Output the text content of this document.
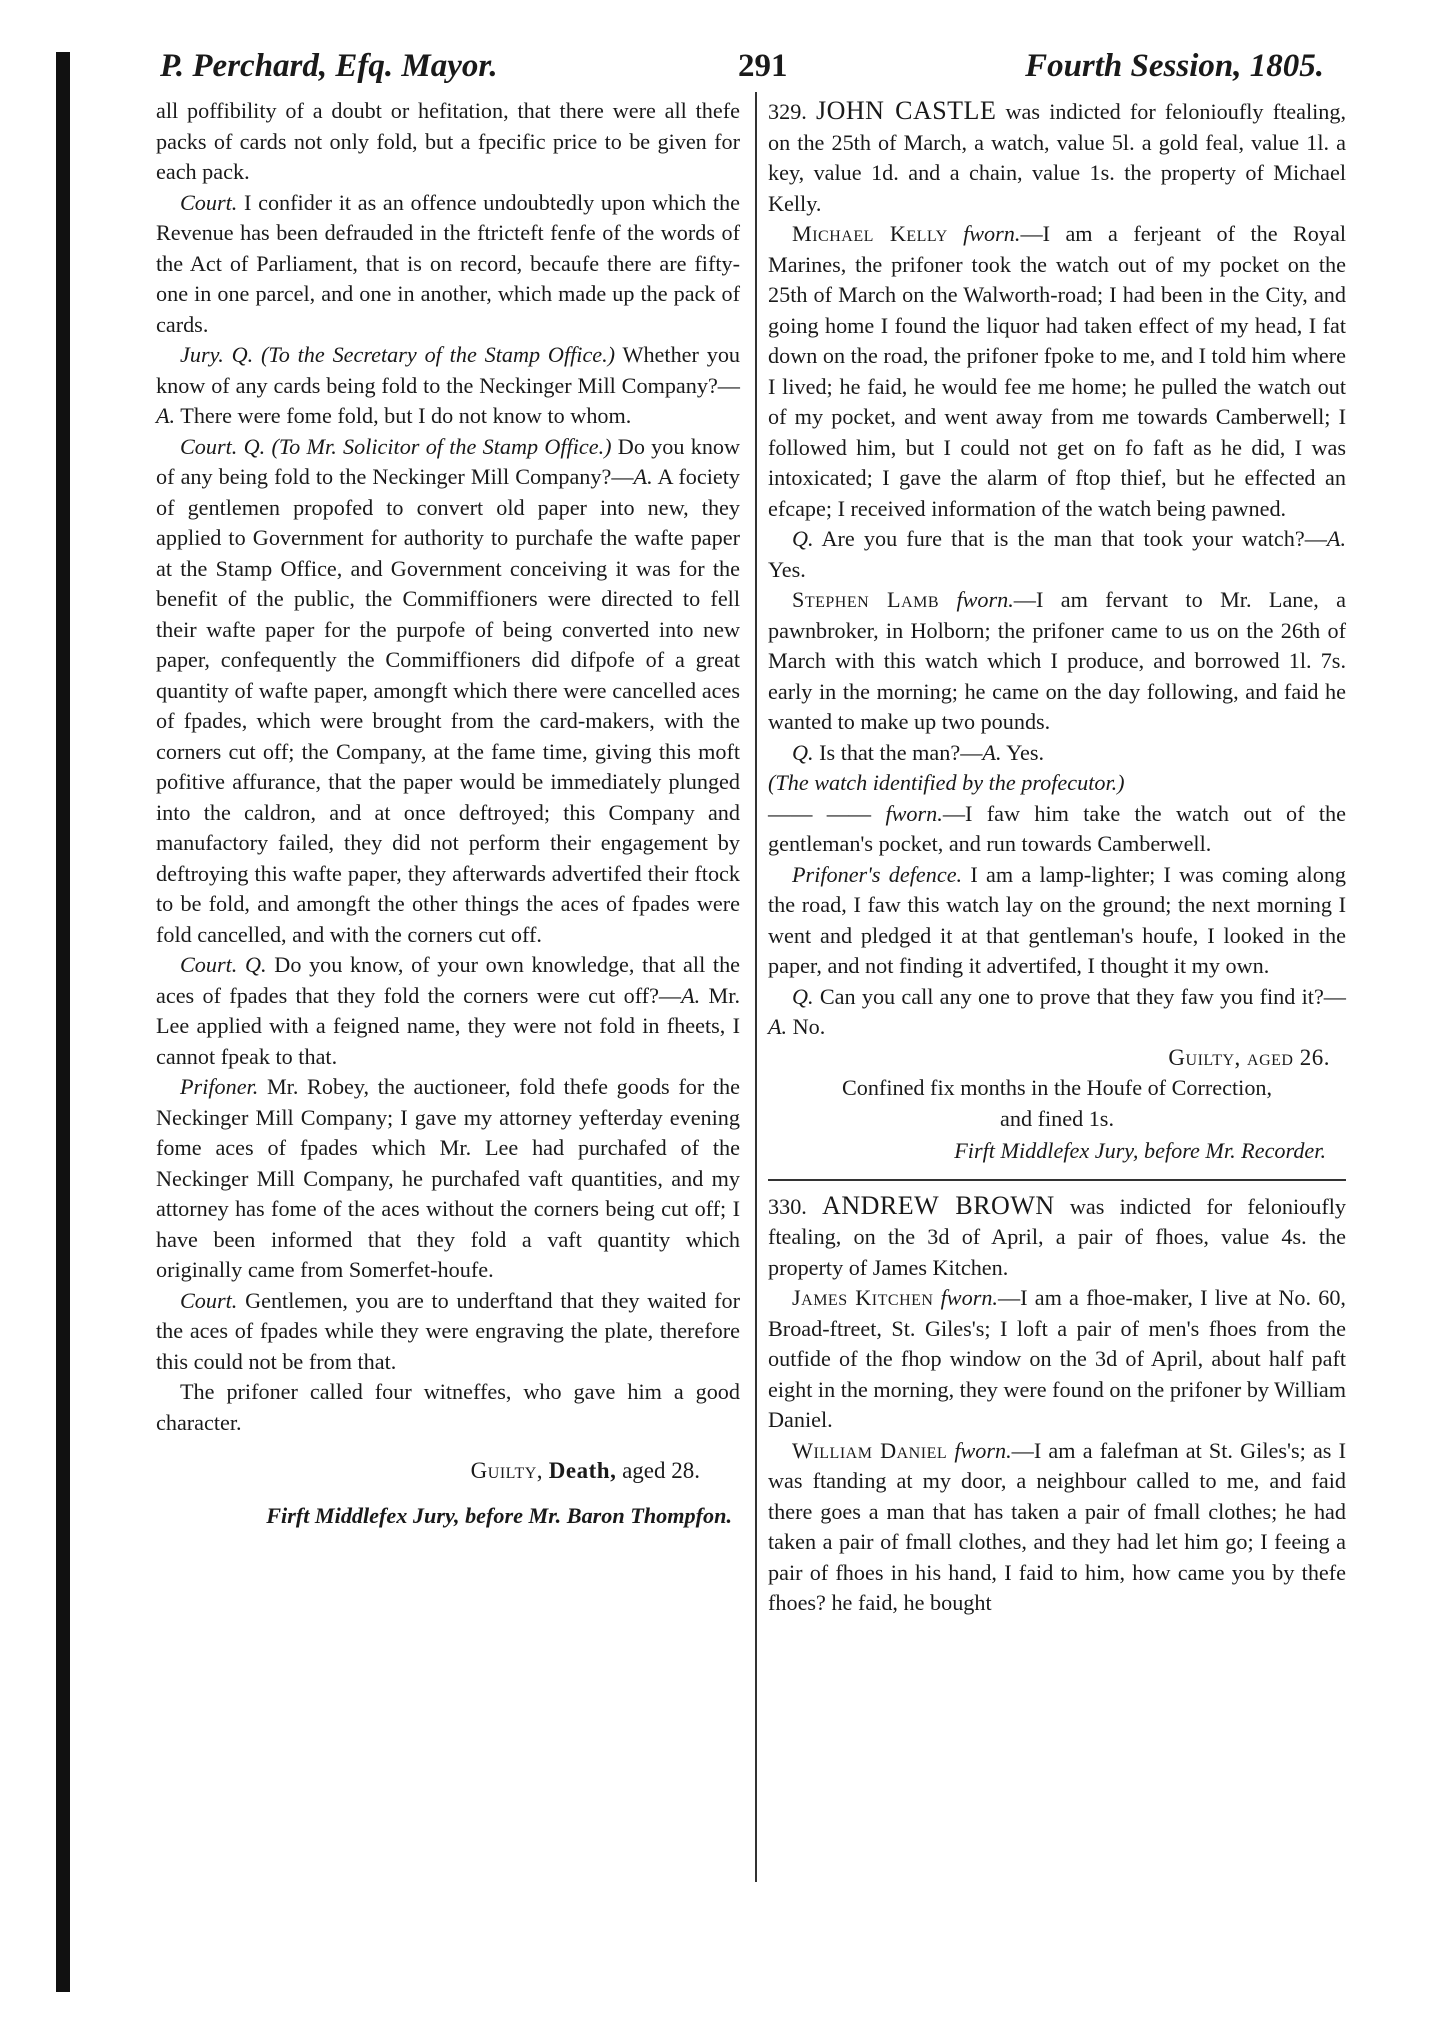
P. Perchard, Efq. Mayor.	291	Fourth Session, 1805.

all poffibility of a doubt or hefitation, that there were all thefe packs of cards not only fold, but a fpecific price to be given for each pack.

Court. I confider it as an offence undoubtedly upon which the Revenue has been defrauded in the ftricteft fenfe of the words of the Act of Parliament, that is on record, becaufe there are fifty-one in one parcel, and one in another, which made up the pack of cards.

Jury. Q. (To the Secretary of the Stamp Office.) Whether you know of any cards being fold to the Neckinger Mill Company?—A. There were fome fold, but I do not know to whom.

Court. Q. (To Mr. Solicitor of the Stamp Office.) Do you know of any being fold to the Neckinger Mill Company?—A. A fociety of gentlemen propofed to convert old paper into new, they applied to Government for authority to purchafe the wafte paper at the Stamp Office, and Government conceiving it was for the benefit of the public, the Commiffioners were directed to fell their wafte paper for the purpofe of being converted into new paper, confequently the Commiffioners did difpofe of a great quantity of wafte paper, amongft which there were cancelled aces of fpades, which were brought from the card-makers, with the corners cut off; the Company, at the fame time, giving this moft pofitive affurance, that the paper would be immediately plunged into the caldron, and at once deftroyed; this Company and manufactory failed, they did not perform their engagement by deftroying this wafte paper, they afterwards advertifed their ftock to be fold, and amongft the other things the aces of fpades were fold cancelled, and with the corners cut off.

Court. Q. Do you know, of your own knowledge, that all the aces of fpades that they fold the corners were cut off?—A. Mr. Lee applied with a feigned name, they were not fold in fheets, I cannot fpeak to that.

Prifoner. Mr. Robey, the auctioneer, fold thefe goods for the Neckinger Mill Company; I gave my attorney yefterday evening fome aces of fpades which Mr. Lee had purchafed of the Neckinger Mill Company, he purchafed vaft quantities, and my attorney has fome of the aces without the corners being cut off; I have been informed that they fold a vaft quantity which originally came from Somerfet-houfe.

Court. Gentlemen, you are to underftand that they waited for the aces of fpades while they were engraving the plate, therefore this could not be from that.

The prifoner called four witneffes, who gave him a good character.

Guilty, Death, aged 28.

Firft Middlefex Jury, before Mr. Baron Thompfon.

329. JOHN CASTLE was indicted for felonioufly ftealing, on the 25th of March, a watch, value 5l. a gold feal, value 1l. a key, value 1d. and a chain, value 1s. the property of Michael Kelly.

Michael Kelly fworn.—I am a ferjeant of the Royal Marines, the prifoner took the watch out of my pocket on the 25th of March on the Walworth-road; I had been in the City, and going home I found the liquor had taken effect of my head, I fat down on the road, the prifoner fpoke to me, and I told him where I lived; he faid, he would fee me home; he pulled the watch out of my pocket, and went away from me towards Camberwell; I followed him, but I could not get on fo faft as he did, I was intoxicated; I gave the alarm of ftop thief, but he effected an efcape; I received information of the watch being pawned.

Q. Are you fure that is the man that took your watch?—A. Yes.

Stephen Lamb fworn.—I am fervant to Mr. Lane, a pawnbroker, in Holborn; the prifoner came to us on the 26th of March with this watch which I produce, and borrowed 1l. 7s. early in the morning; he came on the day following, and faid he wanted to make up two pounds.

Q. Is that the man?—A. Yes.

(The watch identified by the profecutor.)

—— —— fworn.—I faw him take the watch out of the gentleman's pocket, and run towards Camberwell.

Prifoner's defence. I am a lamp-lighter; I was coming along the road, I faw this watch lay on the ground; the next morning I went and pledged it at that gentleman's houfe, I looked in the paper, and not finding it advertifed, I thought it my own.

Q. Can you call any one to prove that they faw you find it?—A. No.

Guilty, aged 26.

Confined fix months in the Houfe of Correction,

and fined 1s.

Firft Middlefex Jury, before Mr. Recorder.

330. ANDREW BROWN was indicted for felonioufly ftealing, on the 3d of April, a pair of fhoes, value 4s. the property of James Kitchen.

James Kitchen fworn.—I am a fhoe-maker, I live at No. 60, Broad-ftreet, St. Giles's; I loft a pair of men's fhoes from the outfide of the fhop window on the 3d of April, about half paft eight in the morning, they were found on the prifoner by William Daniel.

William Daniel fworn.—I am a falefman at St. Giles's; as I was ftanding at my door, a neighbour called to me, and faid there goes a man that has taken a pair of fmall clothes; he had taken a pair of fmall clothes, and they had let him go; I feeing a pair of fhoes in his hand, I faid to him, how came you by thefe fhoes? he faid, he bought
